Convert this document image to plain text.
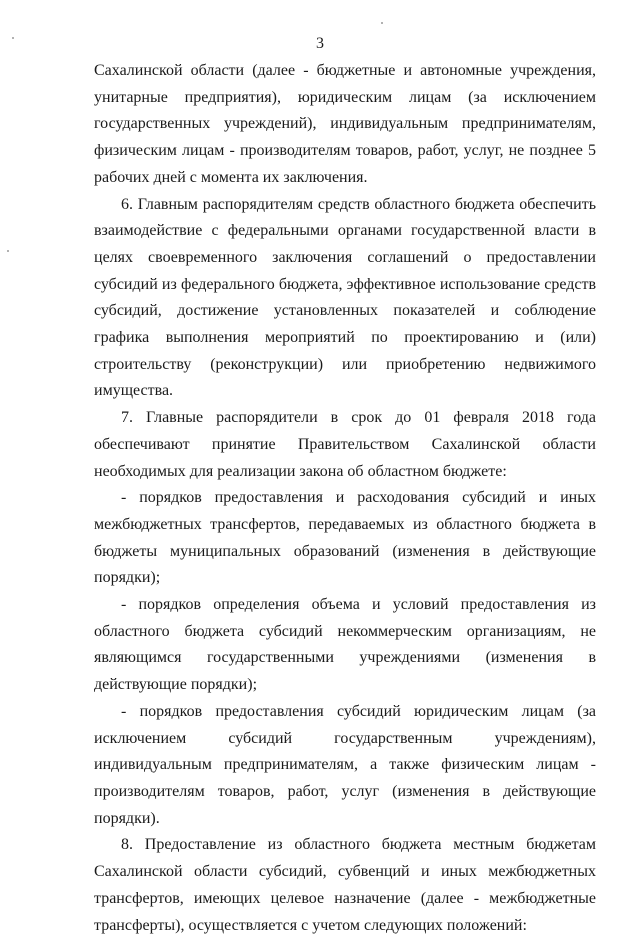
3

Сахалинской области (далее - бюджетные и автономные учреждения, унитарные предприятия), юридическим лицам (за исключением государственных учреждений), индивидуальным предпринимателям, физическим лицам - производителям товаров, работ, услуг, не позднее 5 рабочих дней с момента их заключения.

6. Главным распорядителям средств областного бюджета обеспечить взаимодействие с федеральными органами государственной власти в целях своевременного заключения соглашений о предоставлении субсидий из федерального бюджета, эффективное использование средств субсидий, достижение установленных показателей и соблюдение графика выполнения мероприятий по проектированию и (или) строительству (реконструкции) или приобретению недвижимого имущества.

7. Главные распорядители в срок до 01 февраля 2018 года обеспечивают принятие Правительством Сахалинской области необходимых для реализации закона об областном бюджете:

- порядков предоставления и расходования субсидий и иных межбюджетных трансфертов, передаваемых из областного бюджета в бюджеты муниципальных образований (изменения в действующие порядки);

- порядков определения объема и условий предоставления из областного бюджета субсидий некоммерческим организациям, не являющимся государственными учреждениями (изменения в действующие порядки);

- порядков предоставления субсидий юридическим лицам (за исключением субсидий государственным учреждениям), индивидуальным предпринимателям, а также физическим лицам - производителям товаров, работ, услуг (изменения в действующие порядки).

8. Предоставление из областного бюджета местным бюджетам Сахалинской области субсидий, субвенций и иных межбюджетных трансфертов, имеющих целевое назначение (далее - межбюджетные трансферты), осуществляется с учетом следующих положений:
